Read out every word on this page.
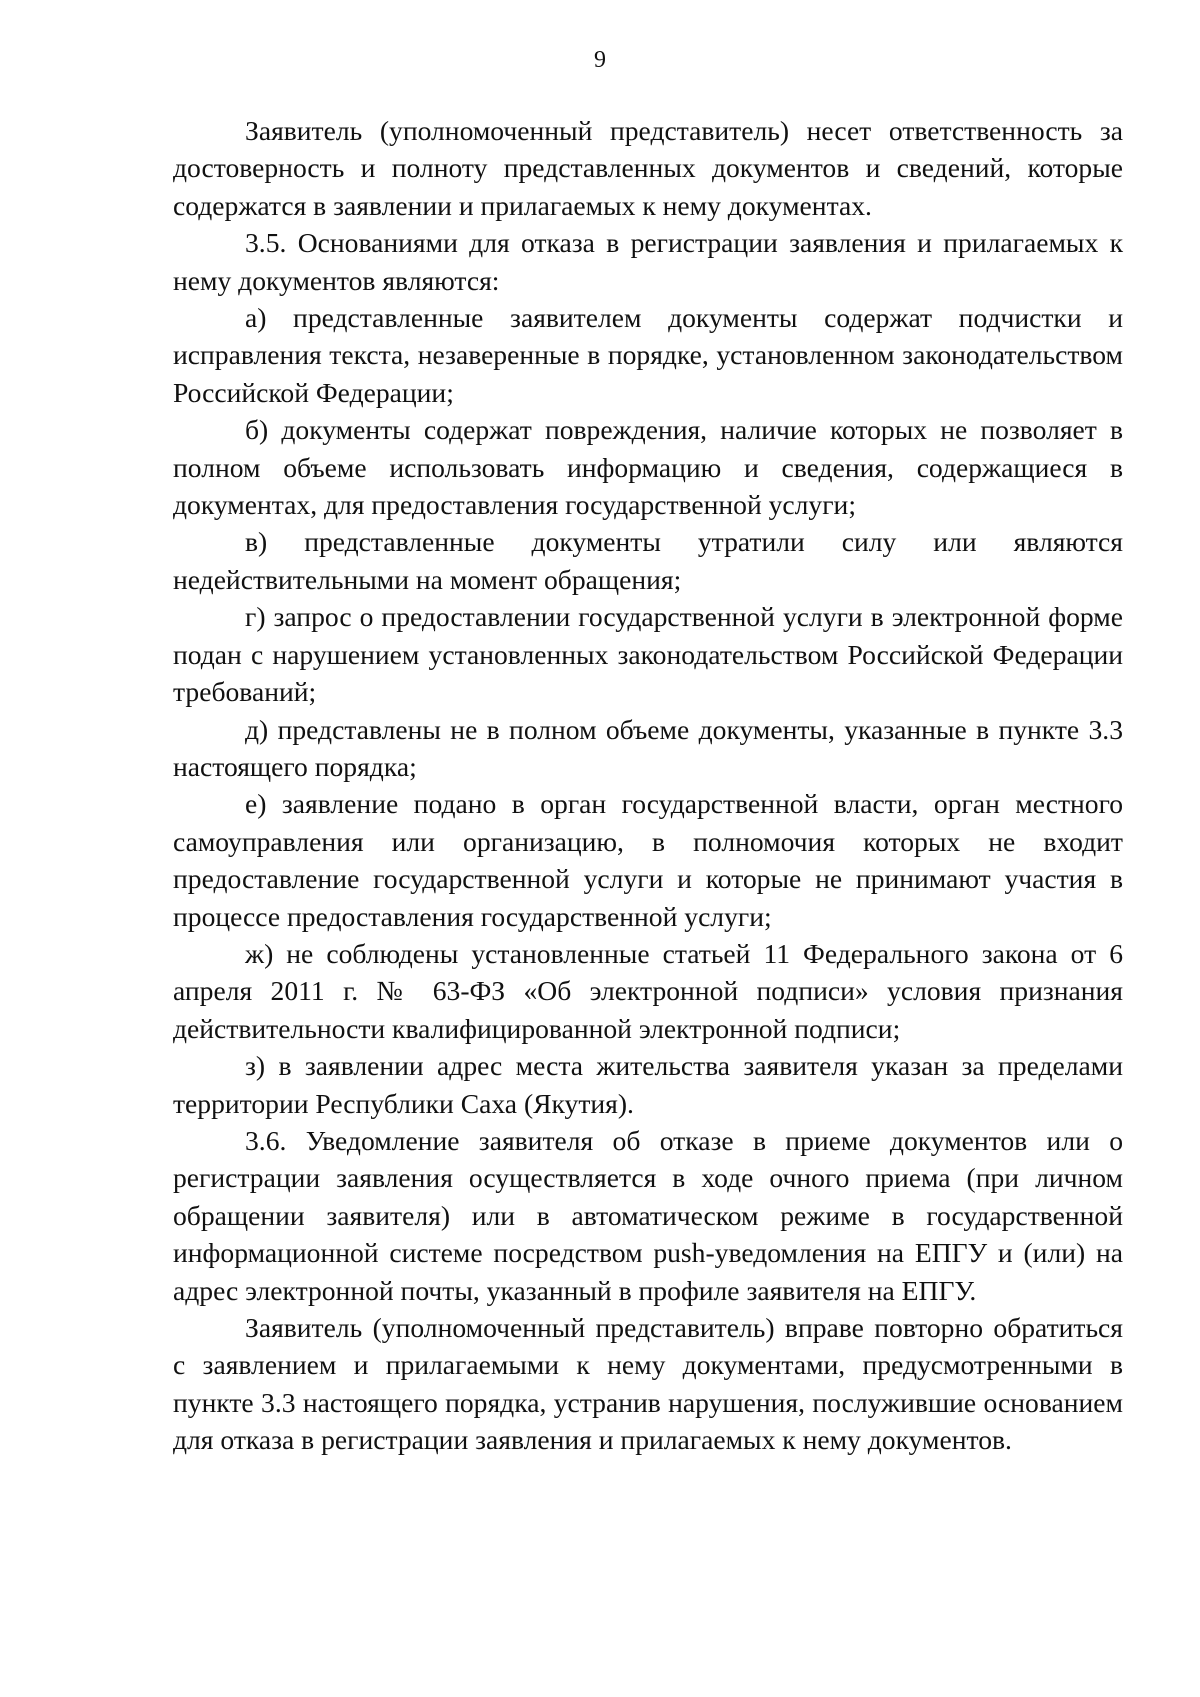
9

Заявитель (уполномоченный представитель) несет ответственность за достоверность и полноту представленных документов и сведений, которые содержатся в заявлении и прилагаемых к нему документах.

3.5. Основаниями для отказа в регистрации заявления и прилагаемых к нему документов являются:

а) представленные заявителем документы содержат подчистки и исправления текста, незаверенные в порядке, установленном законодательством Российской Федерации;

б) документы содержат повреждения, наличие которых не позволяет в полном объеме использовать информацию и сведения, содержащиеся в документах, для предоставления государственной услуги;

в) представленные документы утратили силу или являются недействительными на момент обращения;

г) запрос о предоставлении государственной услуги в электронной форме подан с нарушением установленных законодательством Российской Федерации требований;

д) представлены не в полном объеме документы, указанные в пункте 3.3 настоящего порядка;

е) заявление подано в орган государственной власти, орган местного самоуправления или организацию, в полномочия которых не входит предоставление государственной услуги и которые не принимают участия в процессе предоставления государственной услуги;

ж) не соблюдены установленные статьей 11 Федерального закона от 6 апреля 2011 г. № 63-ФЗ «Об электронной подписи» условия признания действительности квалифицированной электронной подписи;

з) в заявлении адрес места жительства заявителя указан за пределами территории Республики Саха (Якутия).

3.6. Уведомление заявителя об отказе в приеме документов или о регистрации заявления осуществляется в ходе очного приема (при личном обращении заявителя) или в автоматическом режиме в государственной информационной системе посредством push-уведомления на ЕПГУ и (или) на адрес электронной почты, указанный в профиле заявителя на ЕПГУ.

Заявитель (уполномоченный представитель) вправе повторно обратиться с заявлением и прилагаемыми к нему документами, предусмотренными в пункте 3.3 настоящего порядка, устранив нарушения, послужившие основанием для отказа в регистрации заявления и прилагаемых к нему документов.
